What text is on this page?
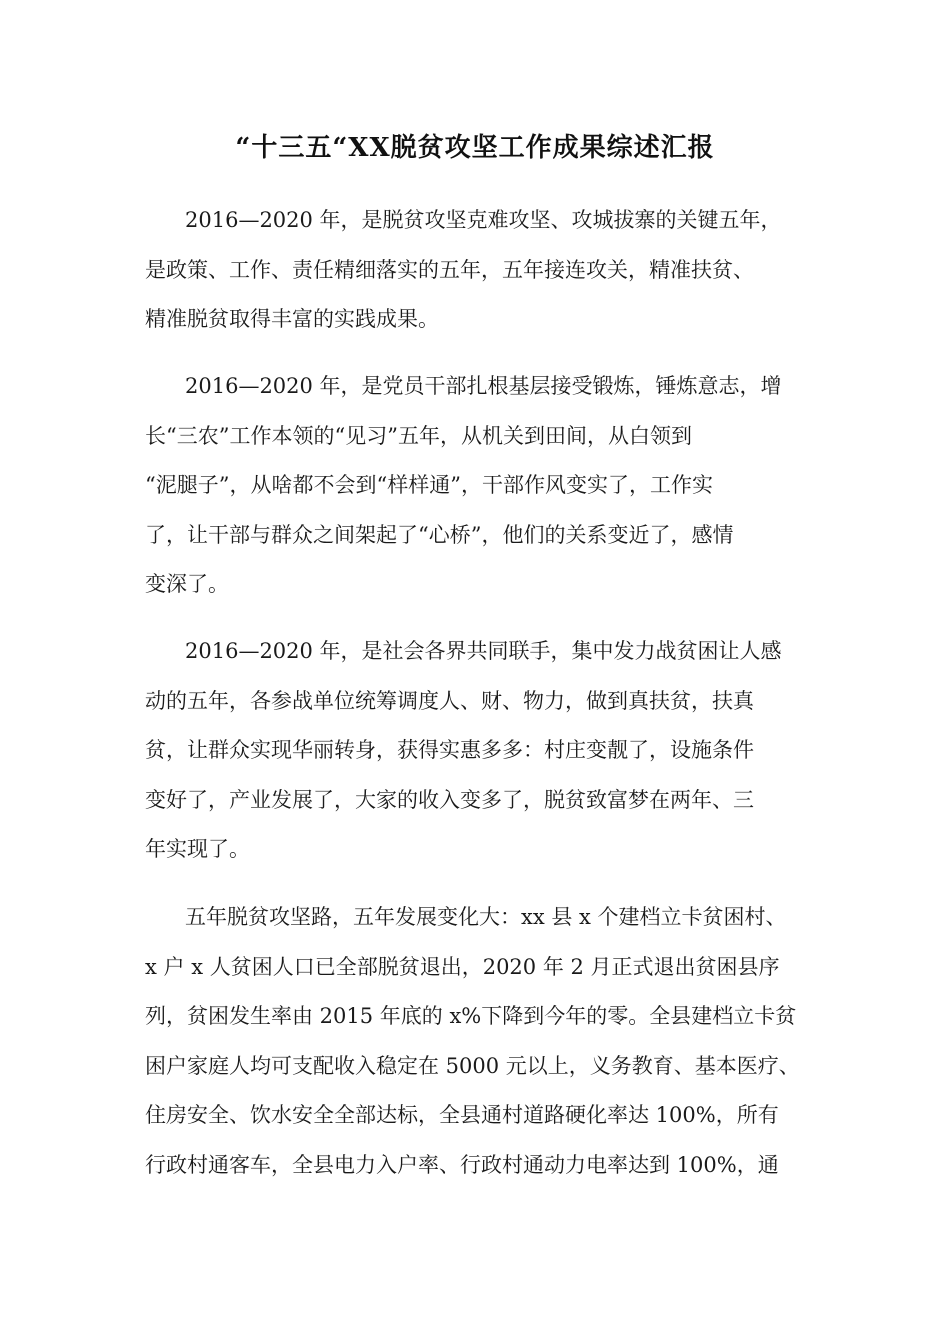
“十三五“XX脱贫攻坚工作成果综述汇报
2016—2020 年，是脱贫攻坚克难攻坚、攻城拔寨的关键五年，
是政策、工作、责任精细落实的五年，五年接连攻关，精准扶贫、
精准脱贫取得丰富的实践成果。
2016—2020 年，是党员干部扎根基层接受锻炼，锤炼意志，增
长“三农”工作本领的“见习”五年，从机关到田间，从白领到
“泥腿子”，从啥都不会到“样样通”，干部作风变实了，工作实
了，让干部与群众之间架起了“心桥”，他们的关系变近了，感情
变深了。
2016—2020 年，是社会各界共同联手，集中发力战贫困让人感
动的五年，各参战单位统筹调度人、财、物力，做到真扶贫，扶真
贫，让群众实现华丽转身，获得实惠多多：村庄变靓了，设施条件
变好了，产业发展了，大家的收入变多了，脱贫致富梦在两年、三
年实现了。
五年脱贫攻坚路，五年发展变化大：xx 县 x 个建档立卡贫困村、
x 户 x 人贫困人口已全部脱贫退出，2020 年 2 月正式退出贫困县序
列，贫困发生率由 2015 年底的 x%下降到今年的零。全县建档立卡贫
困户家庭人均可支配收入稳定在 5000 元以上，义务教育、基本医疗、
住房安全、饮水安全全部达标，全县通村道路硬化率达 100%，所有
行政村通客车，全县电力入户率、行政村通动力电率达到 100%，通
